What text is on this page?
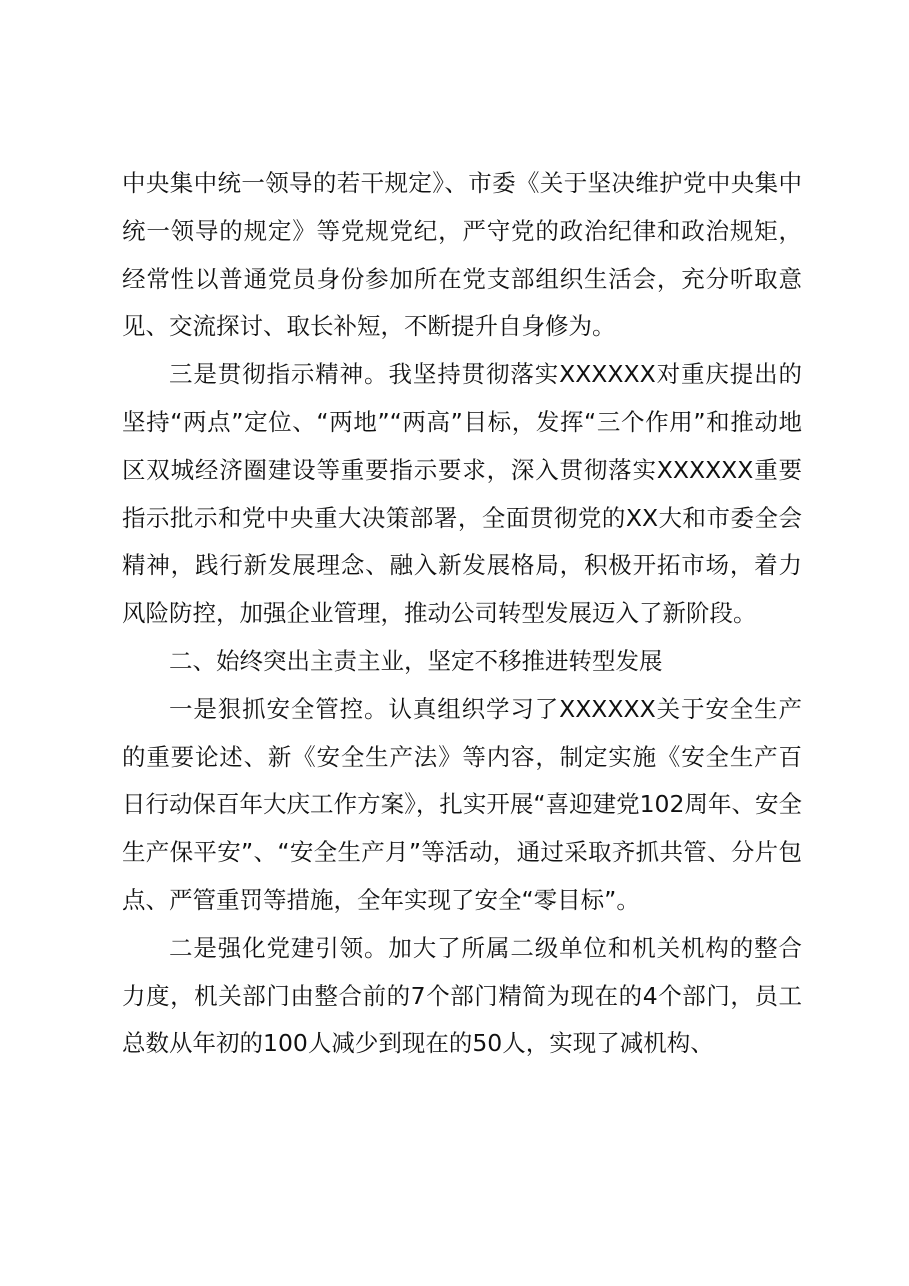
中央集中统一领导的若干规定》、市委《关于坚决维护党中央集中统一领导的规定》等党规党纪，严守党的政治纪律和政治规矩，经常性以普通党员身份参加所在党支部组织生活会，充分听取意见、交流探讨、取长补短，不断提升自身修为。

三是贯彻指示精神。我坚持贯彻落实XXXXXX对重庆提出的坚持“两点”定位、“两地”“两高”目标，发挥“三个作用”和推动地区双城经济圈建设等重要指示要求，深入贯彻落实XXXXXX重要指示批示和党中央重大决策部署，全面贯彻党的XX大和市委全会精神，践行新发展理念、融入新发展格局，积极开拓市场，着力风险防控，加强企业管理，推动公司转型发展迈入了新阶段。

二、始终突出主责主业，坚定不移推进转型发展

一是狠抓安全管控。认真组织学习了XXXXXX关于安全生产的重要论述、新《安全生产法》等内容，制定实施《安全生产百日行动保百年大庆工作方案》，扎实开展“喜迎建党102周年、安全生产保平安”、“安全生产月”等活动，通过采取齐抓共管、分片包点、严管重罚等措施，全年实现了安全“零目标”。

二是强化党建引领。加大了所属二级单位和机关机构的整合力度，机关部门由整合前的7个部门精简为现在的4个部门，员工总数从年初的100人减少到现在的50人，实现了减机构、
